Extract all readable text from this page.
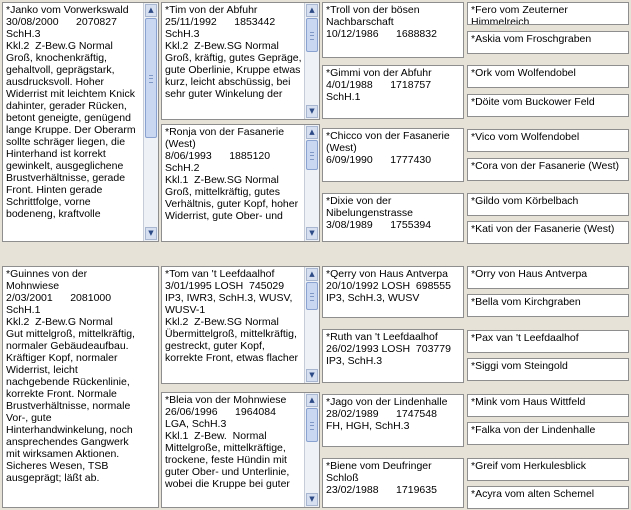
*Janko vom Vorwerkswald
30/08/2000      2070827
SchH.3
Kkl.2  Z-Bew.G Normal
Groß, knochenkräftig,
gehaltvoll, geprägstark,
ausdrucksvoll. Hoher
Widerrist mit leichtem Knick
dahinter, gerader Rücken,
betont geneigte, genügend
lange Kruppe. Der Oberarm
sollte schräger liegen, die
Hinterhand ist korrekt
gewinkelt, ausgeglichene
Brustverhältnisse, gerade
Front. Hinten gerade
Schrittfolge, vorne
bodeneng, kraftvolle
▲
▼
*Tim von der Abfuhr
25/11/1992      1853442
SchH.3
Kkl.2  Z-Bew.SG Normal
Groß, kräftig, gutes Gepräge,
gute Oberlinie, Kruppe etwas
kurz, leicht abschüssig, bei
sehr guter Winkelung der
▲
▼
*Ronja von der Fasanerie
(West)
8/06/1993      1885120
SchH.2
Kkl.1  Z-Bew.SG Normal
Groß, mittelkräftig, gutes
Verhältnis, guter Kopf, hoher
Widerrist, gute Ober- und
▲
▼
*Troll von der bösen
Nachbarschaft
10/12/1986      1688832
*Gimmi von der Abfuhr
4/01/1988      1718757
SchH.1
*Chicco von der Fasanerie
(West)
6/09/1990      1777430
*Dixie von der
Nibelungenstrasse
3/08/1989      1755394
*Fero vom Zeuterner Himmelreich
*Askia vom Froschgraben
*Ork vom Wolfendobel
*Döite vom Buckower Feld
*Vico vom Wolfendobel
*Cora von der Fasanerie (West)
*Gildo vom Körbelbach
*Kati von der Fasanerie (West)
*Guinnes von der
Mohnwiese
2/03/2001      2081000
SchH.1
Kkl.2  Z-Bew.G Normal
Gut mittelgroß, mittelkräftig,
normaler Gebäudeaufbau.
Kräftiger Kopf, normaler
Widerrist, leicht
nachgebende Rückenlinie,
korrekte Front. Normale
Brustverhältnisse, normale
Vor-, gute
Hinterhandwinkelung, noch
ansprechendes Gangwerk
mit wirksamen Aktionen.
Sicheres Wesen, TSB
ausgeprägt; läßt ab.
*Tom van 't Leefdaalhof
3/01/1995 LOSH  745029
IP3, IWR3, SchH.3, WUSV,
WUSV-1
Kkl.2  Z-Bew.SG Normal
Übermittelgroß, mittelkräftig,
gestreckt, guter Kopf,
korrekte Front, etwas flacher
▲
▼
*Bleia von der Mohnwiese
26/06/1996      1964084
LGA, SchH.3
Kkl.1  Z-Bew.  Normal
Mittelgroße, mittelkräftige,
trockene, feste Hündin mit
guter Ober- und Unterlinie,
wobei die Kruppe bei guter
▲
▼
*Qerry von Haus Antverpa
20/10/1992 LOSH  698555
IP3, SchH.3, WUSV
*Ruth van 't Leefdaalhof
26/02/1993 LOSH  703779
IP3, SchH.3
*Jago von der Lindenhalle
28/02/1989      1747548
FH, HGH, SchH.3
*Biene vom Deufringer
Schloß
23/02/1988      1719635
*Orry von Haus Antverpa
*Bella vom Kirchgraben
*Pax van 't Leefdaalhof
*Siggi vom Steingold
*Mink vom Haus Wittfeld
*Falka von der Lindenhalle
*Greif vom Herkulesblick
*Acyra vom alten Schemel
